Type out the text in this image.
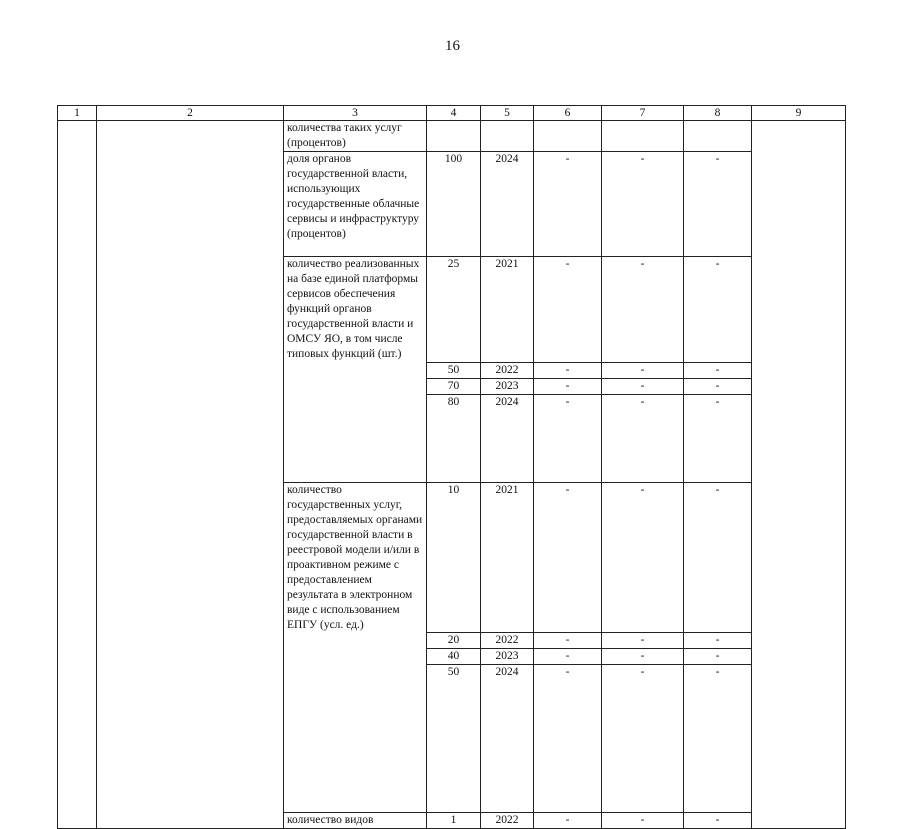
16
1	2	3	4	5	6	7	8	9
		количества таких услуг (процентов)						
		доля органов государственной власти, использующих государственные облачные сервисы и инфраструктуру (процентов)	100	2024	-	-	-	
		количество реализованных на базе единой платформы сервисов обеспечения функций органов государственной власти и ОМСУ ЯО, в том числе типовых функций (шт.)	25	2021	-	-	-	
			50	2022	-	-	-	
			70	2023	-	-	-	
			80	2024	-	-	-	
		количество государственных услуг, предоставляемых органами государственной власти в реестровой модели и/или в проактивном режиме с предоставлением результата в электронном виде с использованием ЕПГУ (усл. ед.)	10	2021	-	-	-	
			20	2022	-	-	-	
			40	2023	-	-	-	
			50	2024	-	-	-	
		количество видов	1	2022	-	-	-	
